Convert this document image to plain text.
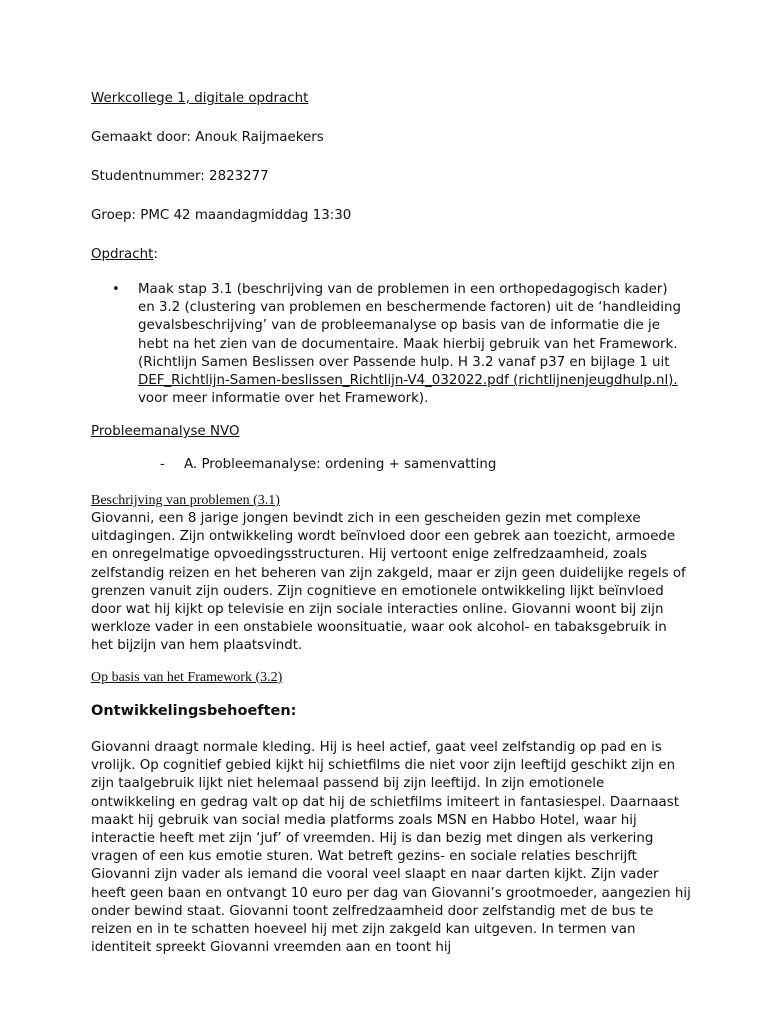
Werkcollege 1, digitale opdracht
Gemaakt door: Anouk Raijmaekers
Studentnummer: 2823277
Groep: PMC 42 maandagmiddag 13:30
Opdracht:
• Maak stap 3.1 (beschrijving van de problemen in een orthopedagogisch kader) en 3.2 (clustering van problemen en beschermende factoren) uit de ‘handleiding gevalsbeschrijving’ van de probleemanalyse op basis van de informatie die je hebt na het zien van de documentaire. Maak hierbij gebruik van het Framework. (Richtlijn Samen Beslissen over Passende hulp. H 3.2 vanaf p37 en bijlage 1 uit DEF_Richtlijn-Samen-beslissen_Richtlijn-V4_032022.pdf (richtlijnenjeugdhulp.nl). voor meer informatie over het Framework).
Probleemanalyse NVO
- A. Probleemanalyse: ordening + samenvatting
Beschrijving van problemen (3.1)
Giovanni, een 8 jarige jongen bevindt zich in een gescheiden gezin met complexe uitdagingen. Zijn ontwikkeling wordt beïnvloed door een gebrek aan toezicht, armoede en onregelmatige opvoedingsstructuren. Hij vertoont enige zelfredzaamheid, zoals zelfstandig reizen en het beheren van zijn zakgeld, maar er zijn geen duidelijke regels of grenzen vanuit zijn ouders. Zijn cognitieve en emotionele ontwikkeling lijkt beïnvloed door wat hij kijkt op televisie en zijn sociale interacties online. Giovanni woont bij zijn werkloze vader in een onstabiele woonsituatie, waar ook alcohol- en tabaksgebruik in het bijzijn van hem plaatsvindt.
Op basis van het Framework (3.2)
Ontwikkelingsbehoeften:
Giovanni draagt normale kleding. Hij is heel actief, gaat veel zelfstandig op pad en is vrolijk. Op cognitief gebied kijkt hij schietfilms die niet voor zijn leeftijd geschikt zijn en zijn taalgebruik lijkt niet helemaal passend bij zijn leeftijd. In zijn emotionele ontwikkeling en gedrag valt op dat hij de schietfilms imiteert in fantasiespel. Daarnaast maakt hij gebruik van social media platforms zoals MSN en Habbo Hotel, waar hij interactie heeft met zijn ‘juf’ of vreemden. Hij is dan bezig met dingen als verkering vragen of een kus emotie sturen. Wat betreft gezins- en sociale relaties beschrijft Giovanni zijn vader als iemand die vooral veel slaapt en naar darten kijkt. Zijn vader heeft geen baan en ontvangt 10 euro per dag van Giovanni’s grootmoeder, aangezien hij onder bewind staat. Giovanni toont zelfredzaamheid door zelfstandig met de bus te reizen en in te schatten hoeveel hij met zijn zakgeld kan uitgeven. In termen van identiteit spreekt Giovanni vreemden aan en toont hij
